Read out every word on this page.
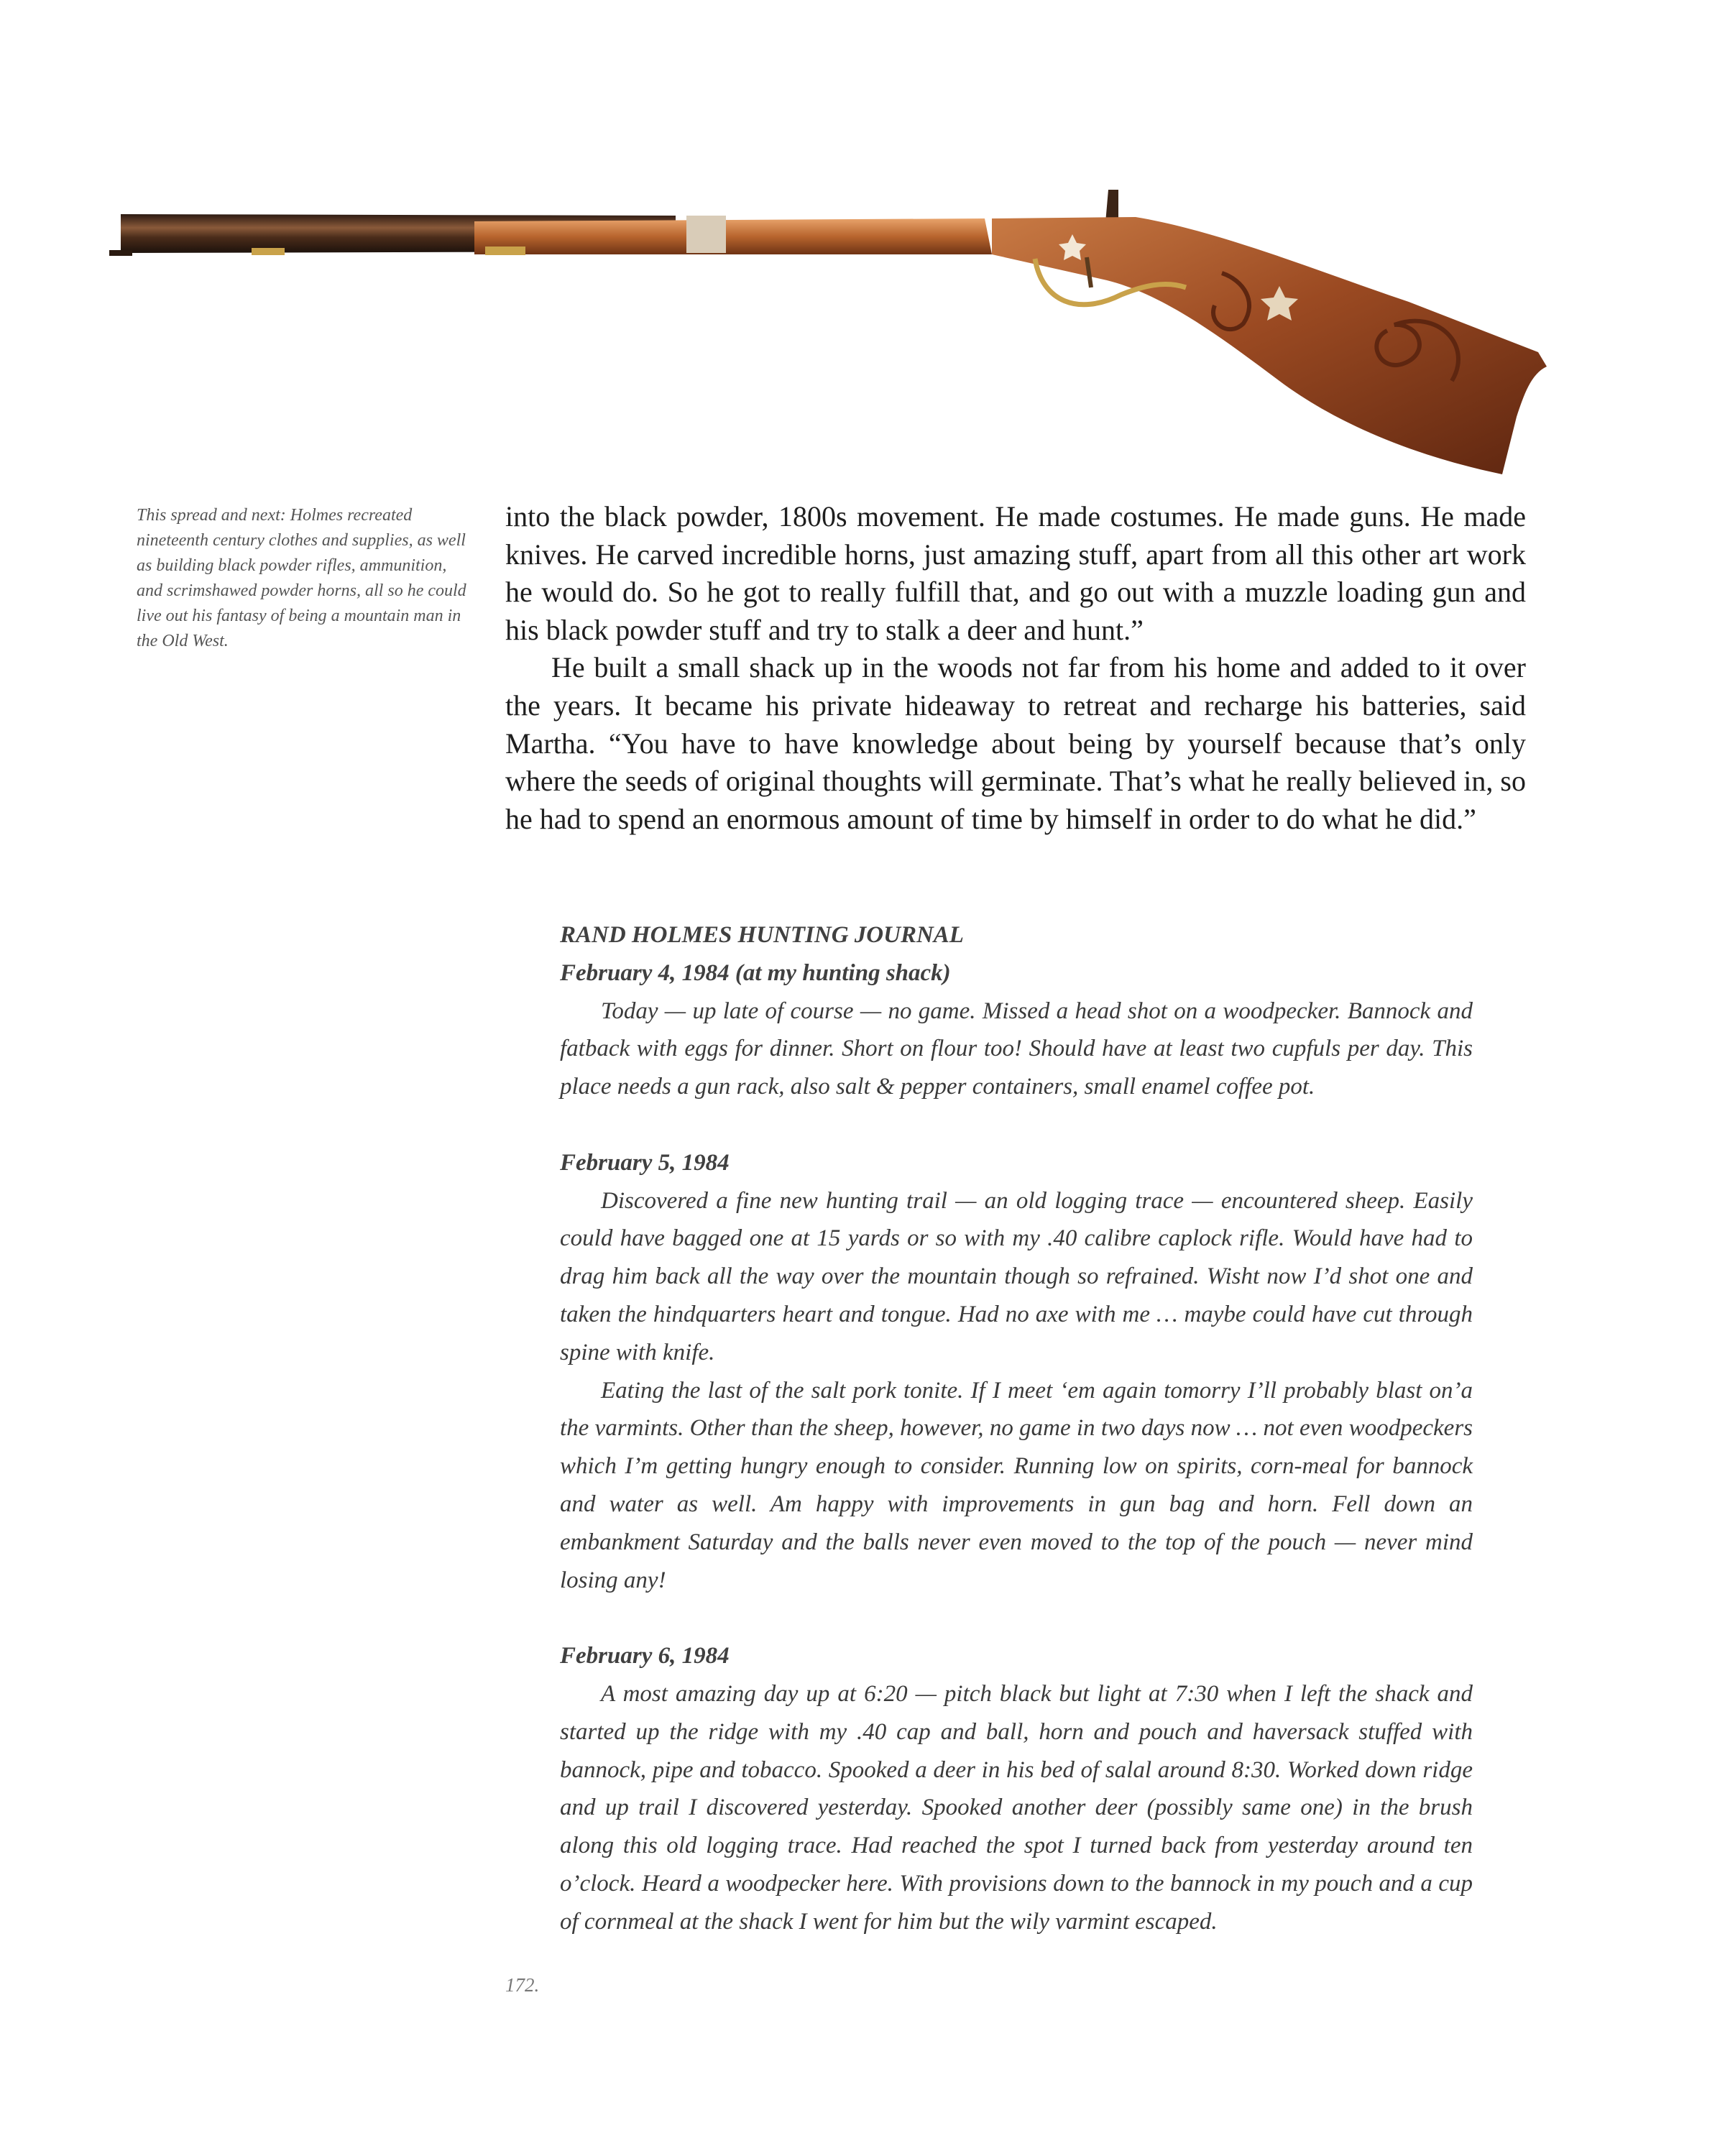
This spread and next: Holmes recreated nineteenth century clothes and supplies, as well as building black powder rifles, ammunition, and scrimshawed powder horns, all so he could live out his fantasy of being a mountain man in the Old West.

into the black powder, 1800s movement. He made costumes. He made guns. He made knives. He carved incredible horns, just amazing stuff, apart from all this other art work he would do. So he got to really fulfill that, and go out with a muzzle loading gun and his black powder stuff and try to stalk a deer and hunt.”

He built a small shack up in the woods not far from his home and added to it over the years. It became his private hideaway to retreat and recharge his batteries, said Martha. “You have to have knowledge about being by yourself because that’s only where the seeds of original thoughts will germinate. That’s what he really believed in, so he had to spend an enormous amount of time by himself in order to do what he did.”

RAND HOLMES HUNTING JOURNAL

February 4, 1984 (at my hunting shack)

Today — up late of course — no game. Missed a head shot on a woodpecker. Bannock and fatback with eggs for dinner. Short on flour too! Should have at least two cupfuls per day. This place needs a gun rack, also salt & pepper containers, small enamel coffee pot.

February 5, 1984

Discovered a fine new hunting trail — an old logging trace — encountered sheep. Easily could have bagged one at 15 yards or so with my .40 calibre caplock rifle. Would have had to drag him back all the way over the mountain though so refrained. Wisht now I’d shot one and taken the hindquarters heart and tongue. Had no axe with me … maybe could have cut through spine with knife.

Eating the last of the salt pork tonite. If I meet ‘em again tomorry I’ll probably blast on’a the varmints. Other than the sheep, however, no game in two days now … not even woodpeckers which I’m getting hungry enough to consider. Running low on spirits, corn-meal for bannock and water as well. Am happy with improvements in gun bag and horn. Fell down an embankment Saturday and the balls never even moved to the top of the pouch — never mind losing any!

February 6, 1984

A most amazing day up at 6:20 — pitch black but light at 7:30 when I left the shack and started up the ridge with my .40 cap and ball, horn and pouch and haversack stuffed with bannock, pipe and tobacco. Spooked a deer in his bed of salal around 8:30. Worked down ridge and up trail I discovered yesterday. Spooked another deer (possibly same one) in the brush along this old logging trace. Had reached the spot I turned back from yesterday around ten o’clock. Heard a woodpecker here. With provisions down to the bannock in my pouch and a cup of cornmeal at the shack I went for him but the wily varmint escaped.

172.
